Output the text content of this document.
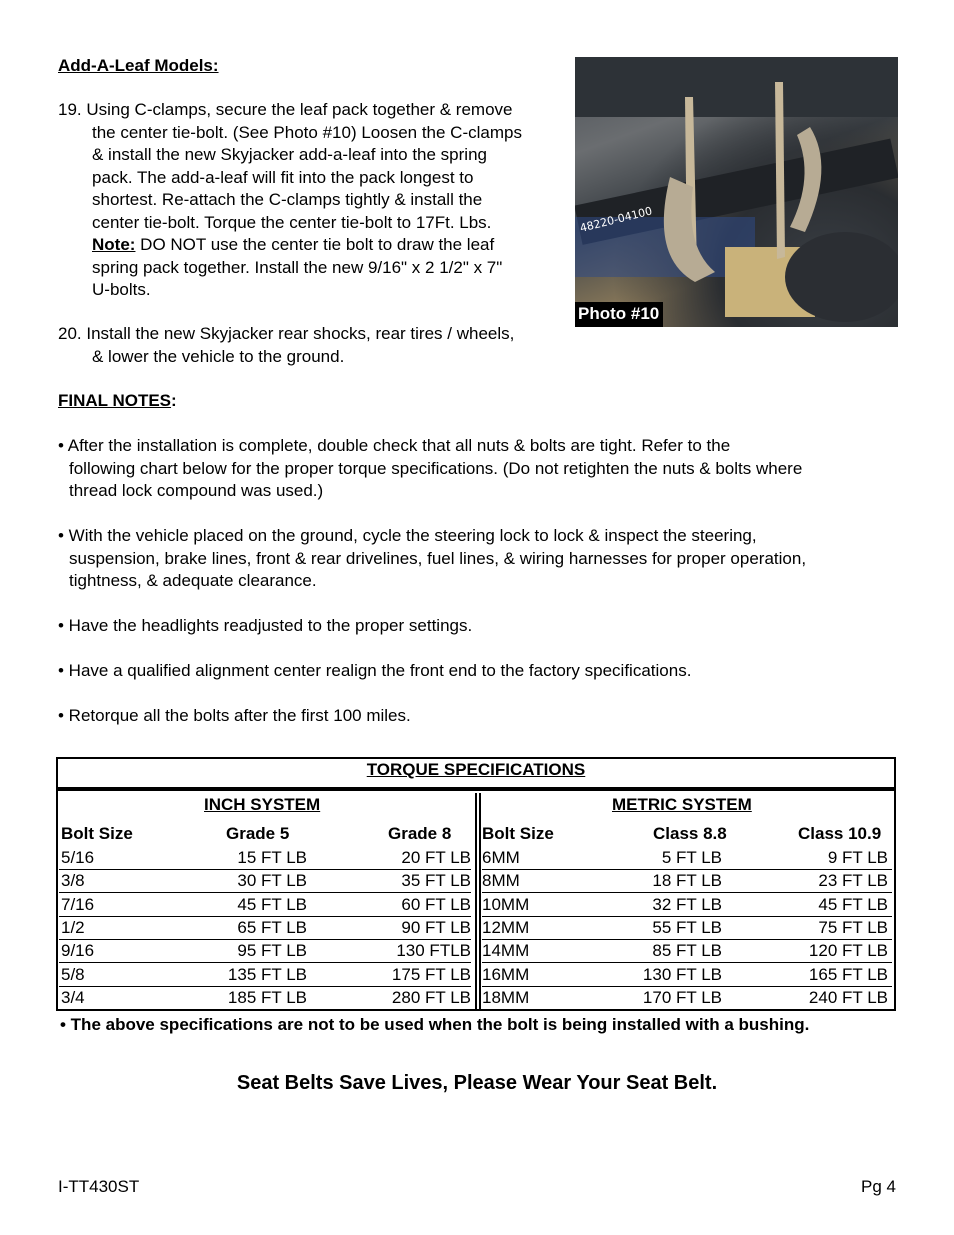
Add-A-Leaf Models:
19. Using C-clamps, secure the leaf pack together & remove
the center tie-bolt. (See Photo #10) Loosen the C-clamps
& install the new Skyjacker add-a-leaf into the spring
pack. The add-a-leaf will fit into the pack longest to
shortest. Re-attach the C-clamps tightly & install the
center tie-bolt. Torque the center tie-bolt to 17Ft. Lbs.
Note: DO NOT use the center tie bolt to draw the leaf
spring pack together. Install the new 9/16" x 2 1/2" x 7"
U-bolts.
20. Install the new Skyjacker rear shocks, rear tires / wheels,
& lower the vehicle to the ground.
48220-04100
Photo #10
FINAL NOTES:
• After the installation is complete, double check that all nuts & bolts are tight. Refer to the
following chart below for the proper torque specifications. (Do not retighten the nuts & bolts where
thread lock compound was used.)
• With the vehicle placed on the ground, cycle the steering lock to lock & inspect the steering,
suspension, brake lines, front & rear drivelines, fuel lines, & wiring harnesses for proper operation,
tightness, & adequate clearance.
• Have the headlights readjusted to the proper settings.
• Have a qualified alignment center realign the front end to the factory specifications.
• Retorque all the bolts after the first 100 miles.
TORQUE SPECIFICATIONS
INCH SYSTEM
Bolt Size	Grade 5	Grade 8
5/16	15 FT LB	20 FT LB
3/8	30 FT LB	35 FT LB
7/16	45 FT LB	60 FT LB
1/2	65 FT LB	90 FT LB
9/16	95 FT LB	130 FTLB
5/8	135 FT LB	175 FT LB
3/4	185 FT LB	280 FT LB
METRIC SYSTEM
Bolt Size	Class 8.8	Class 10.9
6MM	5 FT LB	9 FT LB
8MM	18 FT LB	23 FT LB
10MM	32 FT LB	45 FT LB
12MM	55 FT LB	75 FT LB
14MM	85 FT LB	120 FT LB
16MM	130 FT LB	165 FT LB
18MM	170 FT LB	240 FT LB
• The above specifications are not to be used when the bolt is being installed with a bushing.
Seat Belts Save Lives, Please Wear Your Seat Belt.
I-TT430ST	Pg 4
